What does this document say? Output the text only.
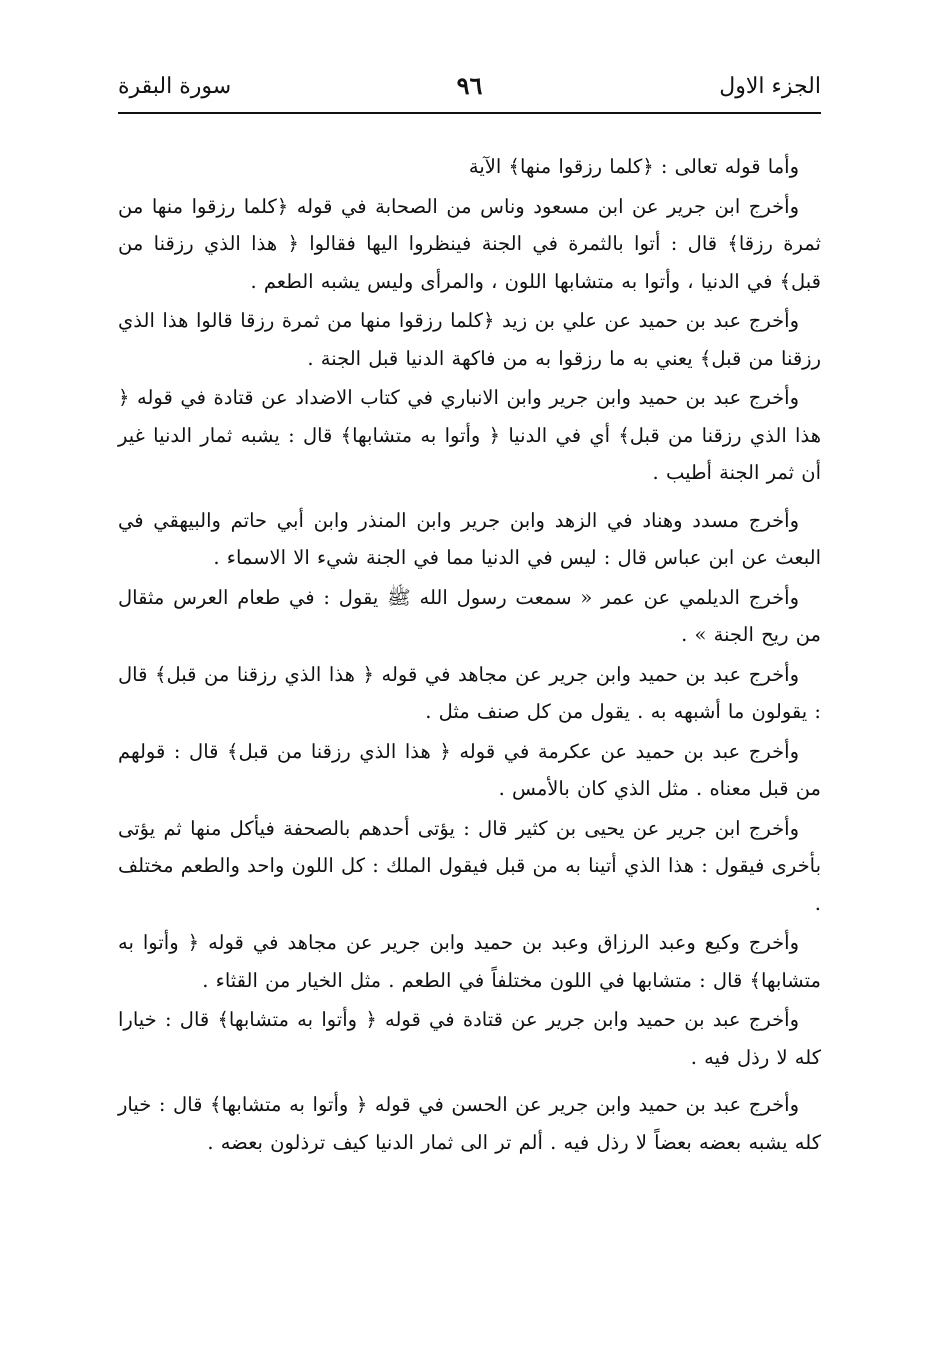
الجزء الاول
٩٦
سورة البقرة

وأما قوله تعالى : ﴿كلما رزقوا منها﴾ الآية

وأخرج ابن جرير عن ابن مسعود وناس من الصحابة في قوله ﴿كلما رزقوا منها من ثمرة رزقا﴾ قال : أتوا بالثمرة في الجنة فينظروا اليها فقالوا ﴿ هذا الذي رزقنا من قبل﴾ في الدنيا ، وأتوا به متشابها اللون ، والمرأى وليس يشبه الطعم .

وأخرج عبد بن حميد عن علي بن زيد ﴿كلما رزقوا منها من ثمرة رزقا قالوا هذا الذي رزقنا من قبل﴾ يعني به ما رزقوا به من فاكهة الدنيا قبل الجنة .

وأخرج عبد بن حميد وابن جرير وابن الانباري في كتاب الاضداد عن قتادة في قوله ﴿ هذا الذي رزقنا من قبل﴾ أي في الدنيا ﴿ وأتوا به متشابها﴾ قال : يشبه ثمار الدنيا غير أن ثمر الجنة أطيب .

وأخرج مسدد وهناد في الزهد وابن جرير وابن المنذر وابن أبي حاتم والبيهقي في البعث عن ابن عباس قال : ليس في الدنيا مما في الجنة شيء الا الاسماء .

وأخرج الديلمي عن عمر « سمعت رسول الله ﷺ يقول : في طعام العرس مثقال من ريح الجنة » .

وأخرج عبد بن حميد وابن جرير عن مجاهد في قوله ﴿ هذا الذي رزقنا من قبل﴾ قال : يقولون ما أشبهه به . يقول من كل صنف مثل .

وأخرج عبد بن حميد عن عكرمة في قوله ﴿ هذا الذي رزقنا من قبل﴾ قال : قولهم من قبل معناه . مثل الذي كان بالأمس .

وأخرج ابن جرير عن يحيى بن كثير قال : يؤتى أحدهم بالصحفة فيأكل منها ثم يؤتى بأخرى فيقول : هذا الذي أتينا به من قبل فيقول الملك : كل اللون واحد والطعم مختلف .

وأخرج وكيع وعبد الرزاق وعبد بن حميد وابن جرير عن مجاهد في قوله ﴿ وأتوا به متشابها﴾ قال : متشابها في اللون مختلفاً في الطعم . مثل الخيار من القثاء .

وأخرج عبد بن حميد وابن جرير عن قتادة في قوله ﴿ وأتوا به متشابها﴾ قال : خيارا كله لا رذل فيه .

وأخرج عبد بن حميد وابن جرير عن الحسن في قوله ﴿ وأتوا به متشابها﴾ قال : خيار كله يشبه بعضه بعضاً لا رذل فيه . ألم تر الى ثمار الدنيا كيف ترذلون بعضه .
